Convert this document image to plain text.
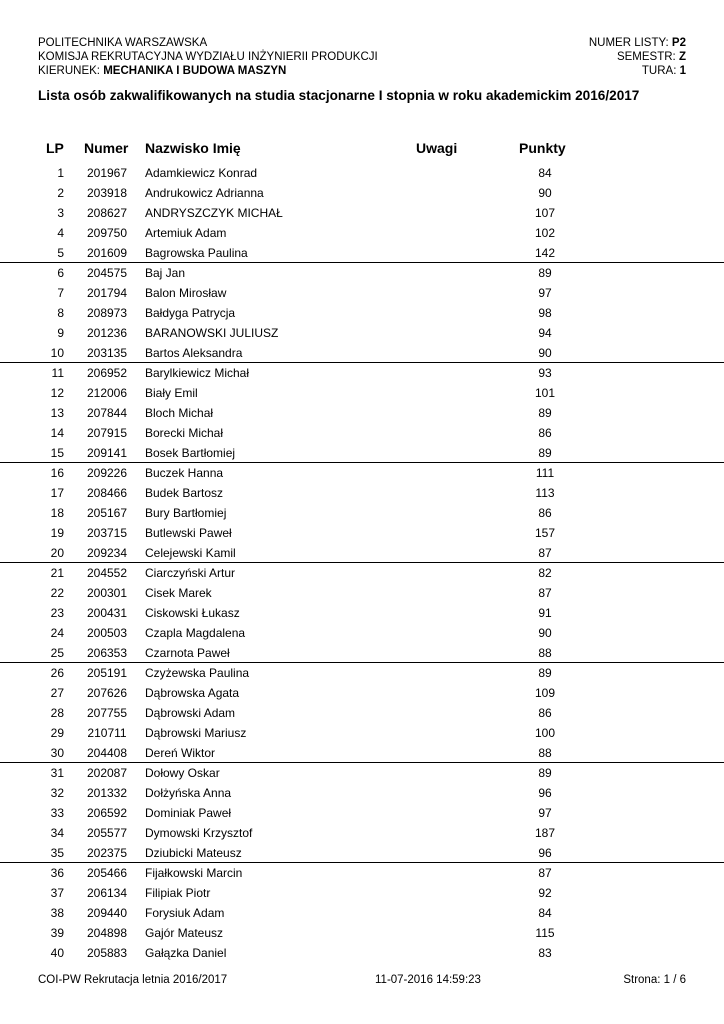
POLITECHNIKA WARSZAWSKA
KOMISJA REKRUTACYJNA WYDZIAŁU INŻYNIERII PRODUKCJI
KIERUNEK: MECHANIKA I BUDOWA MASZYN
NUMER LISTY: P2
SEMESTR: Z
TURA: 1
Lista osób zakwalifikowanych na studia stacjonarne I stopnia w roku akademickim 2016/2017
LP Numer Nazwisko Imię	Uwagi	Punkty
1	201967	Adamkiewicz Konrad	84
2	203918	Andrukowicz Adrianna	90
3	208627	ANDRYSZCZYK MICHAŁ	107
4	209750	Artemiuk Adam	102
5	201609	Bagrowska Paulina	142
6	204575	Baj Jan	89
7	201794	Balon Mirosław	97
8	208973	Bałdyga Patrycja	98
9	201236	BARANOWSKI JULIUSZ	94
10	203135	Bartos Aleksandra	90
11	206952	Barylkiewicz Michał	93
12	212006	Biały Emil	101
13	207844	Bloch Michał	89
14	207915	Borecki Michał	86
15	209141	Bosek Bartłomiej	89
16	209226	Buczek Hanna	111
17	208466	Budek Bartosz	113
18	205167	Bury Bartłomiej	86
19	203715	Butlewski Paweł	157
20	209234	Celejewski Kamil	87
21	204552	Ciarczyński Artur	82
22	200301	Cisek Marek	87
23	200431	Ciskowski Łukasz	91
24	200503	Czapla Magdalena	90
25	206353	Czarnota Paweł	88
26	205191	Czyżewska Paulina	89
27	207626	Dąbrowska Agata	109
28	207755	Dąbrowski Adam	86
29	210711	Dąbrowski Mariusz	100
30	204408	Dereń Wiktor	88
31	202087	Dołowy Oskar	89
32	201332	Dołżyńska Anna	96
33	206592	Dominiak Paweł	97
34	205577	Dymowski Krzysztof	187
35	202375	Dziubicki Mateusz	96
36	205466	Fijałkowski Marcin	87
37	206134	Filipiak Piotr	92
38	209440	Forysiuk Adam	84
39	204898	Gajór Mateusz	115
40	205883	Gałązka Daniel	83
COI-PW Rekrutacja letnia 2016/2017	11-07-2016 14:59:23	Strona: 1 / 6
